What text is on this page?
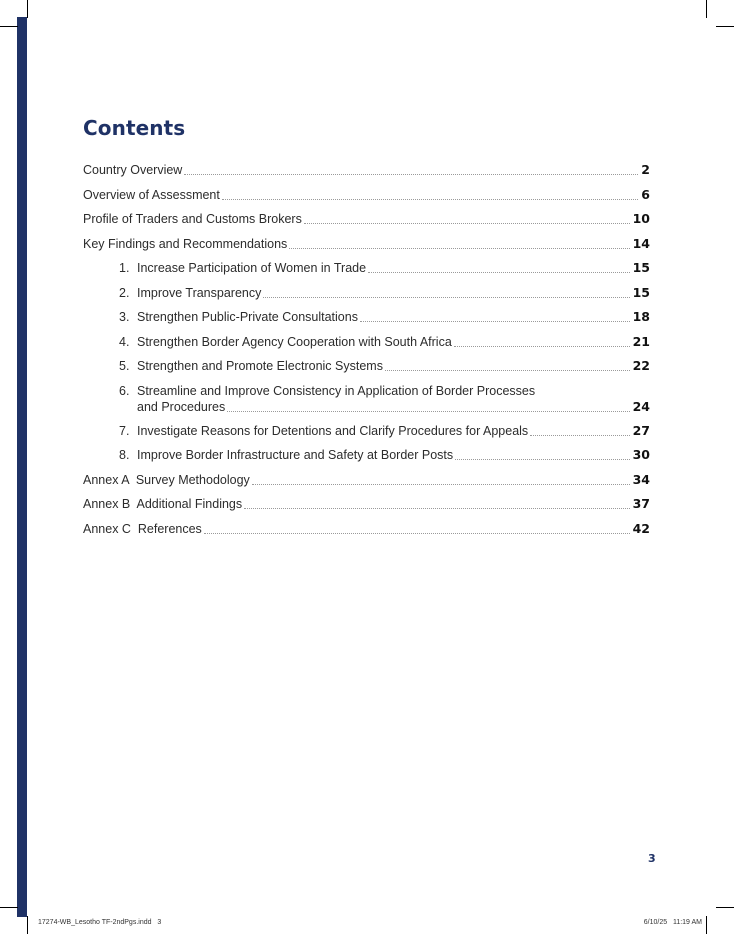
Contents
Country Overview	2
Overview of Assessment	6
Profile of Traders and Customs Brokers	10
Key Findings and Recommendations	14
1. Increase Participation of Women in Trade	15
2. Improve Transparency	15
3. Strengthen Public-Private Consultations	18
4. Strengthen Border Agency Cooperation with South Africa	21
5. Strengthen and Promote Electronic Systems	22
6. Streamline and Improve Consistency in Application of Border Processes
and Procedures	24
7. Investigate Reasons for Detentions and Clarify Procedures for Appeals	27
8. Improve Border Infrastructure and Safety at Border Posts	30
Annex A  Survey Methodology	34
Annex B  Additional Findings	37
Annex C  References	42
3
17274-WB_Lesotho TF-2ndPgs.indd   3	6/10/25   11:19 AM
